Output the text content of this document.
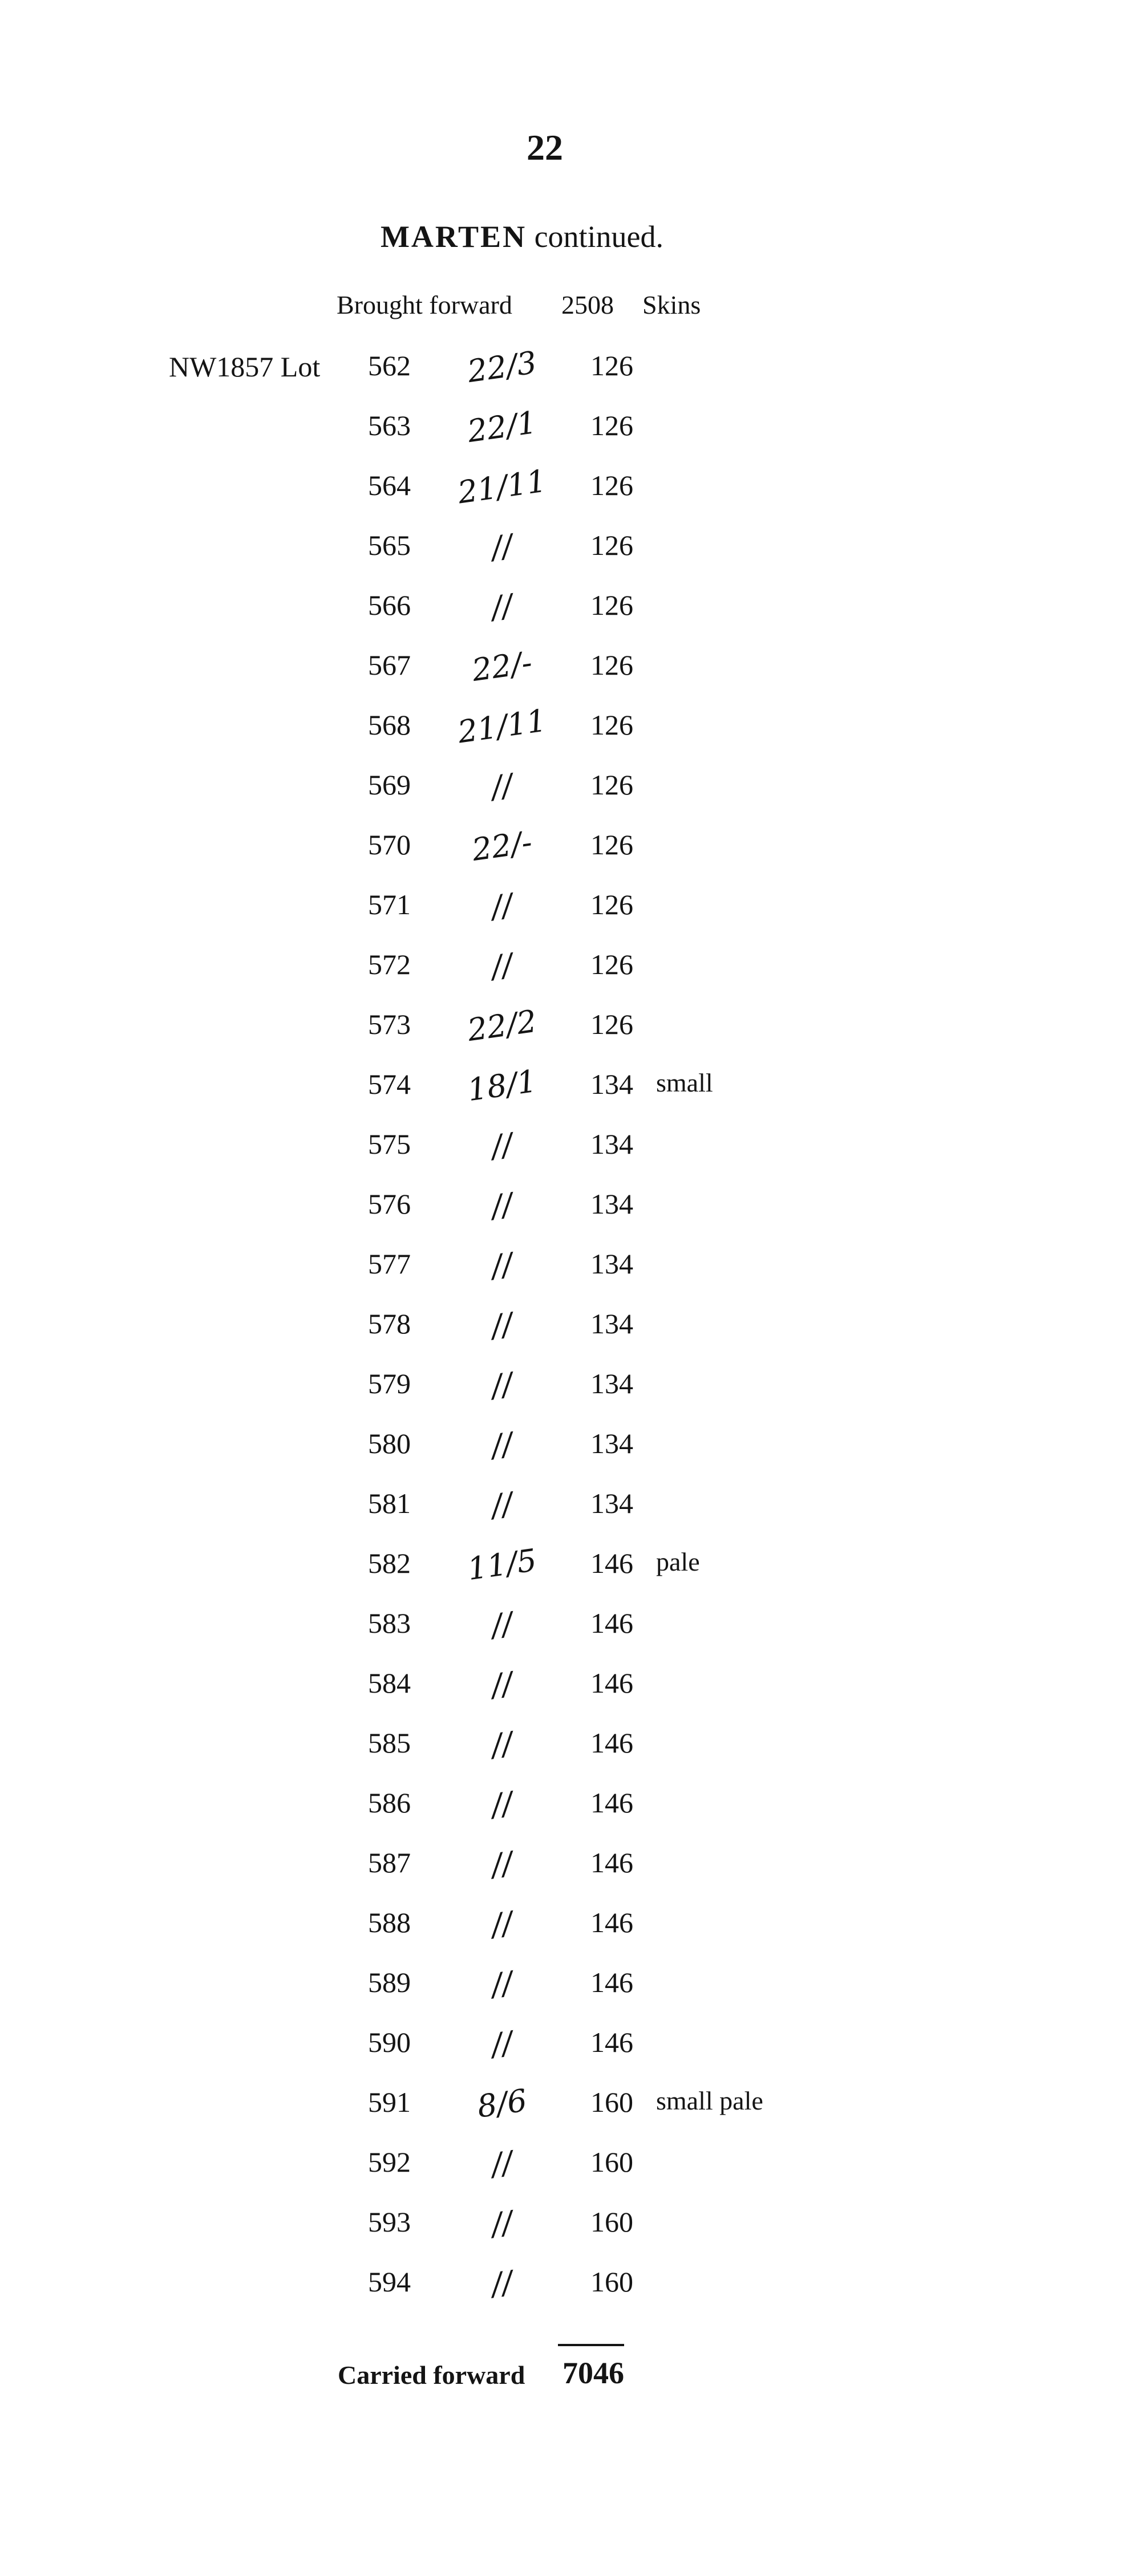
22
MARTEN continued.
Brought forward 2508 Skins
NW1857 Lot	562	22/3	126
563	22/1	126
564	21/11	126
565	//	126
566	//	126
567	22/-	126
568	21/11	126
569	//	126
570	22/-	126
571	//	126
572	//	126
573	22/2	126
574	18/1	134 small
575	//	134
576	//	134
577	//	134
578	//	134
579	//	134
580	//	134
581	//	134
582	11/5	146 pale
583	//	146
584	//	146
585	//	146
586	//	146
587	//	146
588	//	146
589	//	146
590	//	146
591	8/6	160 small pale
592	//	160
593	//	160
594	//	160
Carried forward 7046
